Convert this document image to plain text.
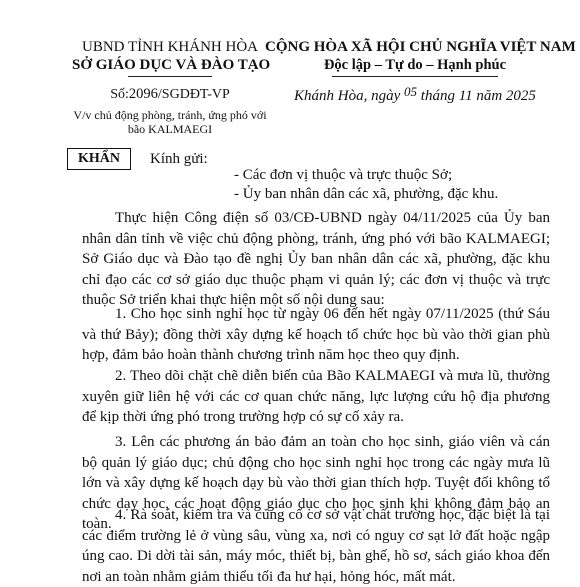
UBND TỈNH KHÁNH HÒA
SỞ GIÁO DỤC VÀ ĐÀO TẠO
CỘNG HÒA XÃ HỘI CHỦ NGHĨA VIỆT NAM
Độc lập – Tự do – Hạnh phúc
Số:2096/SGDĐT-VP
V/v chủ động phòng, tránh, ứng phó với bão KALMAEGI
Khánh Hòa, ngày 05 tháng 11 năm 2025
KHẨN	Kính gửi:
- Các đơn vị thuộc và trực thuộc Sở;
- Ủy ban nhân dân các xã, phường, đặc khu.

Thực hiện Công điện số 03/CĐ-UBND ngày 04/11/2025 của Ủy ban nhân dân tỉnh về việc chủ động phòng, tránh, ứng phó với bão KALMAEGI; Sở Giáo dục và Đào tạo đề nghị Ủy ban nhân dân các xã, phường, đặc khu chỉ đạo các cơ sở giáo dục thuộc phạm vi quản lý; các đơn vị thuộc và trực thuộc Sở triển khai thực hiện một số nội dung sau:

1. Cho học sinh nghỉ học từ ngày 06 đến hết ngày 07/11/2025 (thứ Sáu và thứ Bảy); đồng thời xây dựng kế hoạch tổ chức học bù vào thời gian phù hợp, đảm bảo hoàn thành chương trình năm học theo quy định.

2. Theo dõi chặt chẽ diễn biến của Bão KALMAEGI và mưa lũ, thường xuyên giữ liên hệ với các cơ quan chức năng, lực lượng cứu hộ địa phương để kịp thời ứng phó trong trường hợp có sự cố xảy ra.

3. Lên các phương án bảo đảm an toàn cho học sinh, giáo viên và cán bộ quản lý giáo dục; chủ động cho học sinh nghỉ học trong các ngày mưa lũ lớn và xây dựng kế hoạch dạy bù vào thời gian thích hợp. Tuyệt đối không tổ chức dạy học, các hoạt động giáo dục cho học sinh khi không đảm bảo an toàn.

4. Rà soát, kiểm tra và củng cố cơ sở vật chất trường học, đặc biệt là tại các điểm trường lẻ ở vùng sâu, vùng xa, nơi có nguy cơ sạt lở đất hoặc ngập úng cao. Di dời tài sản, máy móc, thiết bị, bàn ghế, hồ sơ, sách giáo khoa đến nơi an toàn nhằm giảm thiểu tối đa hư hại, hỏng hóc, mất mát.
